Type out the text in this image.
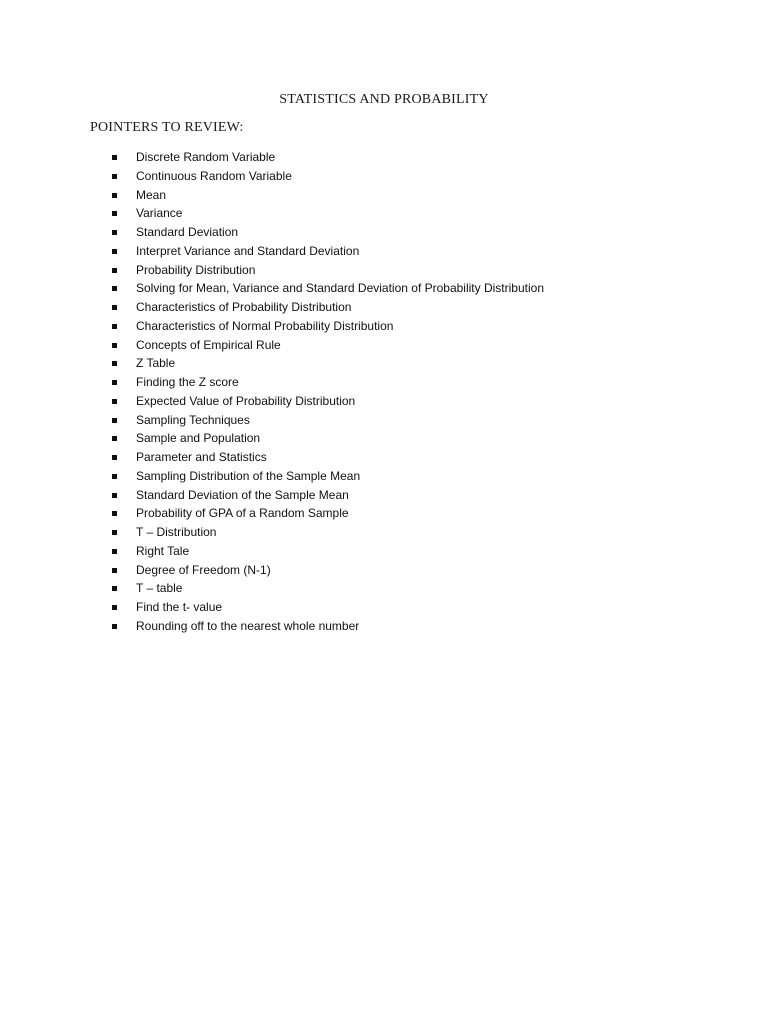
STATISTICS AND PROBABILITY
POINTERS TO REVIEW:
Discrete Random Variable
Continuous Random Variable
Mean
Variance
Standard Deviation
Interpret Variance and Standard Deviation
Probability Distribution
Solving for Mean, Variance and Standard Deviation of Probability Distribution
Characteristics of Probability Distribution
Characteristics of Normal Probability Distribution
Concepts of Empirical Rule
Z Table
Finding the Z score
Expected Value of Probability Distribution
Sampling Techniques
Sample and Population
Parameter and Statistics
Sampling Distribution of the Sample Mean
Standard Deviation of the Sample Mean
Probability of GPA of a Random Sample
T – Distribution
Right Tale
Degree of Freedom (N-1)
T – table
Find the t- value
Rounding off to the nearest whole number
